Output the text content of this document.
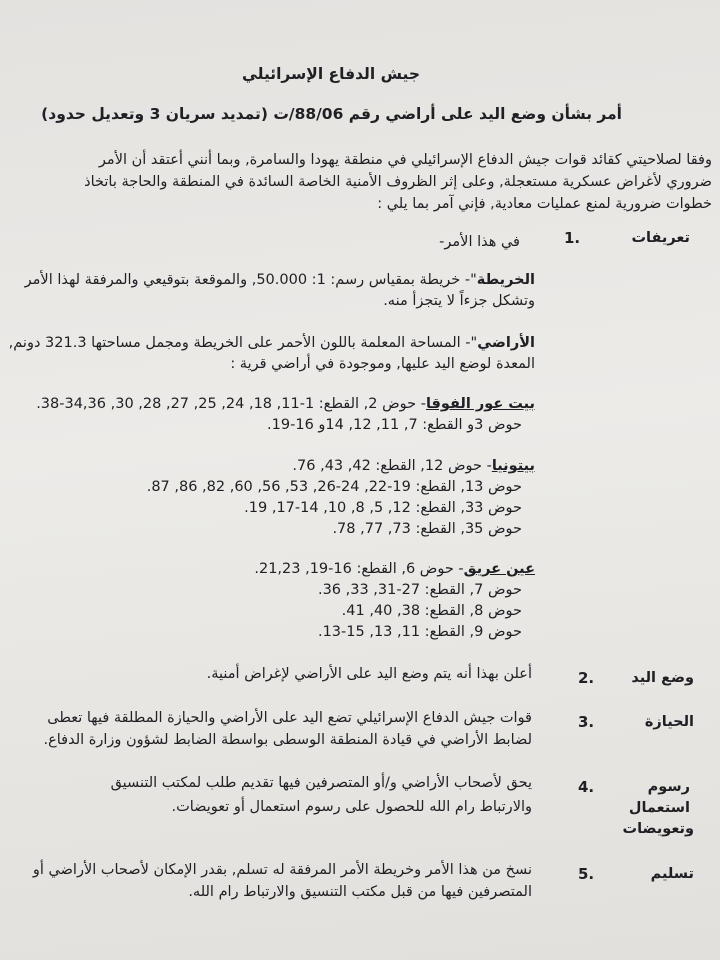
جيش الدفاع الإسرائيلي
أمر بشأن وضع اليد على أراضي رقم 88/06/ت (تمديد سريان 3 وتعديل حدود)
وفقا لصلاحيتي كقائد قوات جيش الدفاع الإسرائيلي في منطقة يهودا والسامرة, وبما أنني أعتقد أن الأمر
ضروري لأغراض عسكرية مستعجلة, وعلى إثر الظروف الأمنية الخاصة السائدة في المنطقة والحاجة باتخاذ
خطوات ضرورية لمنع عمليات معادية, فإني آمر بما يلي :
تعريفات
1.
في هذا الأمر-
الخريطة"- خريطة بمقياس رسم: 1: 50.000, والموقعة بتوقيعي والمرفقة لهذا الأمر
وتشكل جزءاً لا يتجزأ منه.
الأراضي"- المساحة المعلمة باللون الأحمر على الخريطة ومجمل مساحتها 321.3 دونم,
المعدة لوضع اليد عليها, وموجودة في أراضي قرية :
بيت عور الفوقا- حوض 2, القطع: 1-11, 18, 24, 25, 27, 28, 30, 34,36-38.
حوض 3و القطع: 7, 11, 12, 14و 16-19.
بيتونيا- حوض 12, القطع: 42, 43, 76.
حوض 13, القطع: 19-22, 24-26, 53, 56, 60, 82, 86, 87.
حوض 33, القطع: 12, 5, 8, 10, 14-17, 19.
حوض 35, القطع: 73, 77, 78.
عين عريق- حوض 6, القطع: 16-19, 21,23.
حوض 7, القطع: 27-31, 33, 36.
حوض 8, القطع: 38, 40, 41.
حوض 9, القطع: 11, 13, 15-13.
وضع اليد
2.
أعلن بهذا أنه يتم وضع اليد على الأراضي لإغراض أمنية.
الحيازة
3.
قوات جيش الدفاع الإسرائيلي تضع اليد على الأراضي والحيازة المطلقة فيها تعطى
لضابط الأراضي في قيادة المنطقة الوسطى بواسطة الضابط لشؤون وزارة الدفاع.
رسوم
استعمال
وتعويضات
4.
يحق لأصحاب الأراضي و/أو المتصرفين فيها تقديم طلب لمكتب التنسيق
والارتباط رام الله للحصول على رسوم استعمال أو تعويضات.
تسليم
5.
نسخ من هذا الأمر وخريطة الأمر المرفقة له تسلم, بقدر الإمكان لأصحاب الأراضي أو
المتصرفين فيها من قبل مكتب التنسيق والارتباط رام الله.
